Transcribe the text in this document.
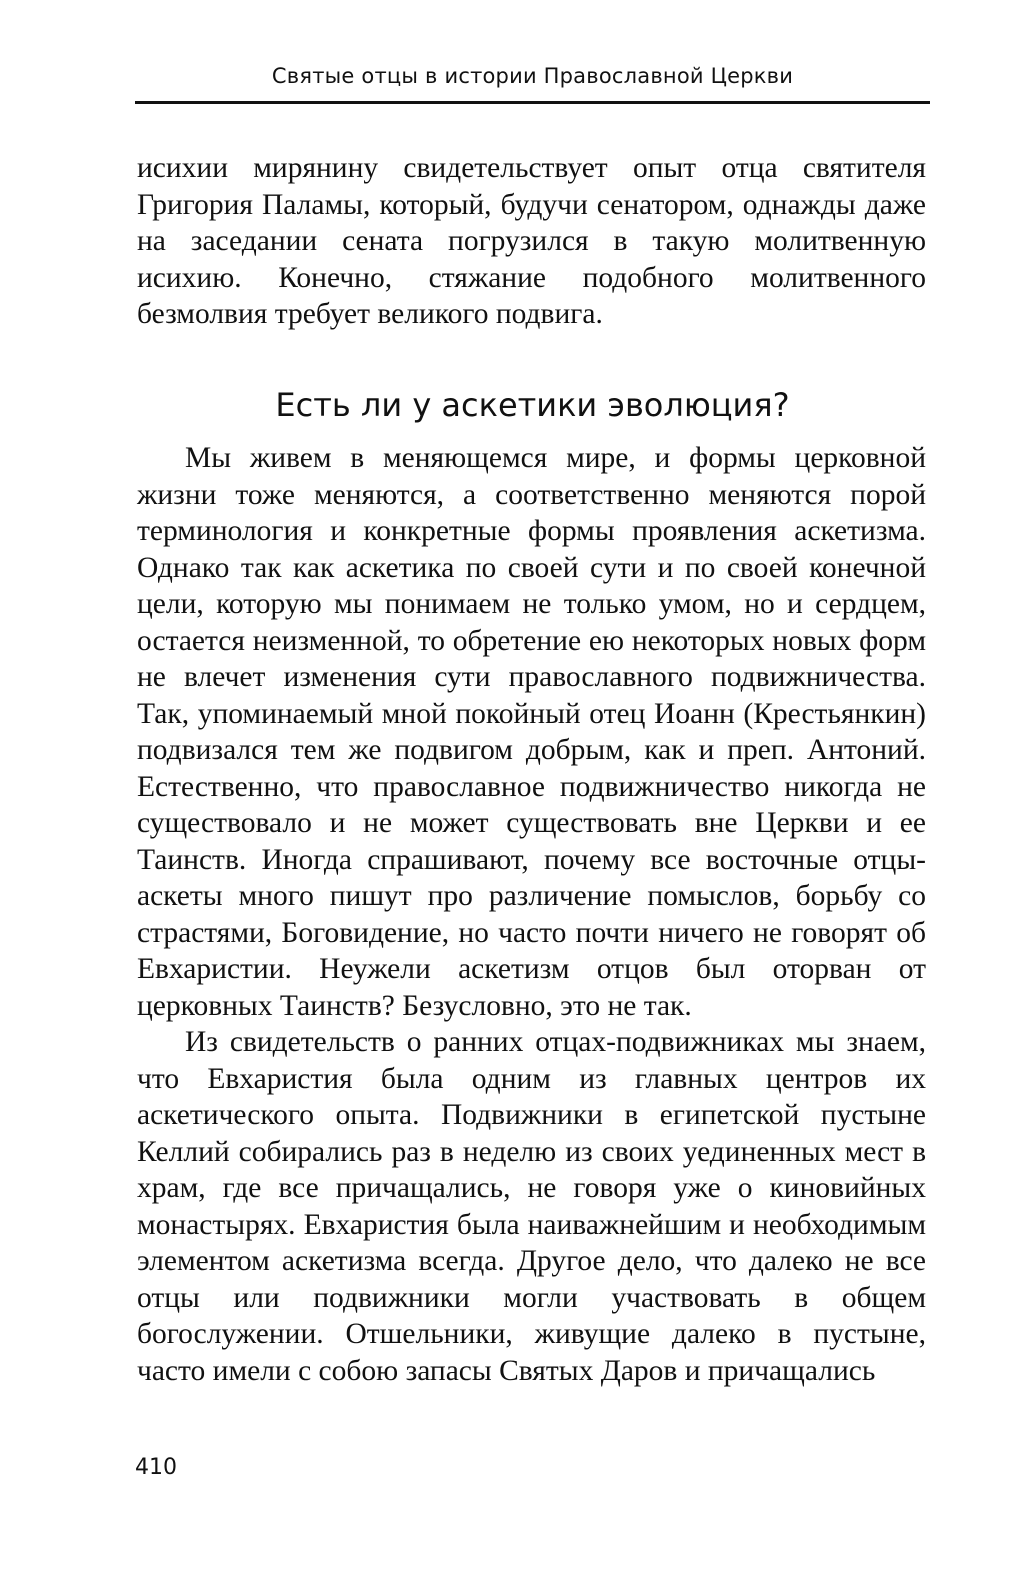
Святые отцы в истории Православной Церкви

исихии мирянину свидетельствует опыт отца святителя Григория Паламы, который, будучи сенатором, однажды даже на заседании сената погрузился в такую молитвенную исихию. Конечно, стяжание подобного молитвенного безмолвия требует великого подвига.

Есть ли у аскетики эволюция?

Мы живем в меняющемся мире, и формы церковной жизни тоже меняются, а соответственно меняются порой терминология и конкретные формы проявления аскетизма. Однако так как аскетика по своей сути и по своей конечной цели, которую мы понимаем не только умом, но и сердцем, остается неизменной, то обретение ею некоторых новых форм не влечет изменения сути православного подвижничества. Так, упоминаемый мной покойный отец Иоанн (Крестьянкин) подвизался тем же подвигом добрым, как и преп. Антоний. Естественно, что православное подвижничество никогда не существовало и не может существовать вне Церкви и ее Таинств. Иногда спрашивают, почему все восточные отцы-аскеты много пишут про различение помыслов, борьбу со страстями, Боговидение, но часто почти ничего не говорят об Евхаристии. Неужели аскетизм отцов был оторван от церковных Таинств? Безусловно, это не так.

Из свидетельств о ранних отцах-подвижниках мы знаем, что Евхаристия была одним из главных центров их аскетического опыта. Подвижники в египетской пустыне Келлий собирались раз в неделю из своих уединенных мест в храм, где все причащались, не говоря уже о киновийных монастырях. Евхаристия была наиважнейшим и необходимым элементом аскетизма всегда. Другое дело, что далеко не все отцы или подвижники могли участвовать в общем богослужении. Отшельники, живущие далеко в пустыне, часто имели с собою запасы Святых Даров и причащались

410
